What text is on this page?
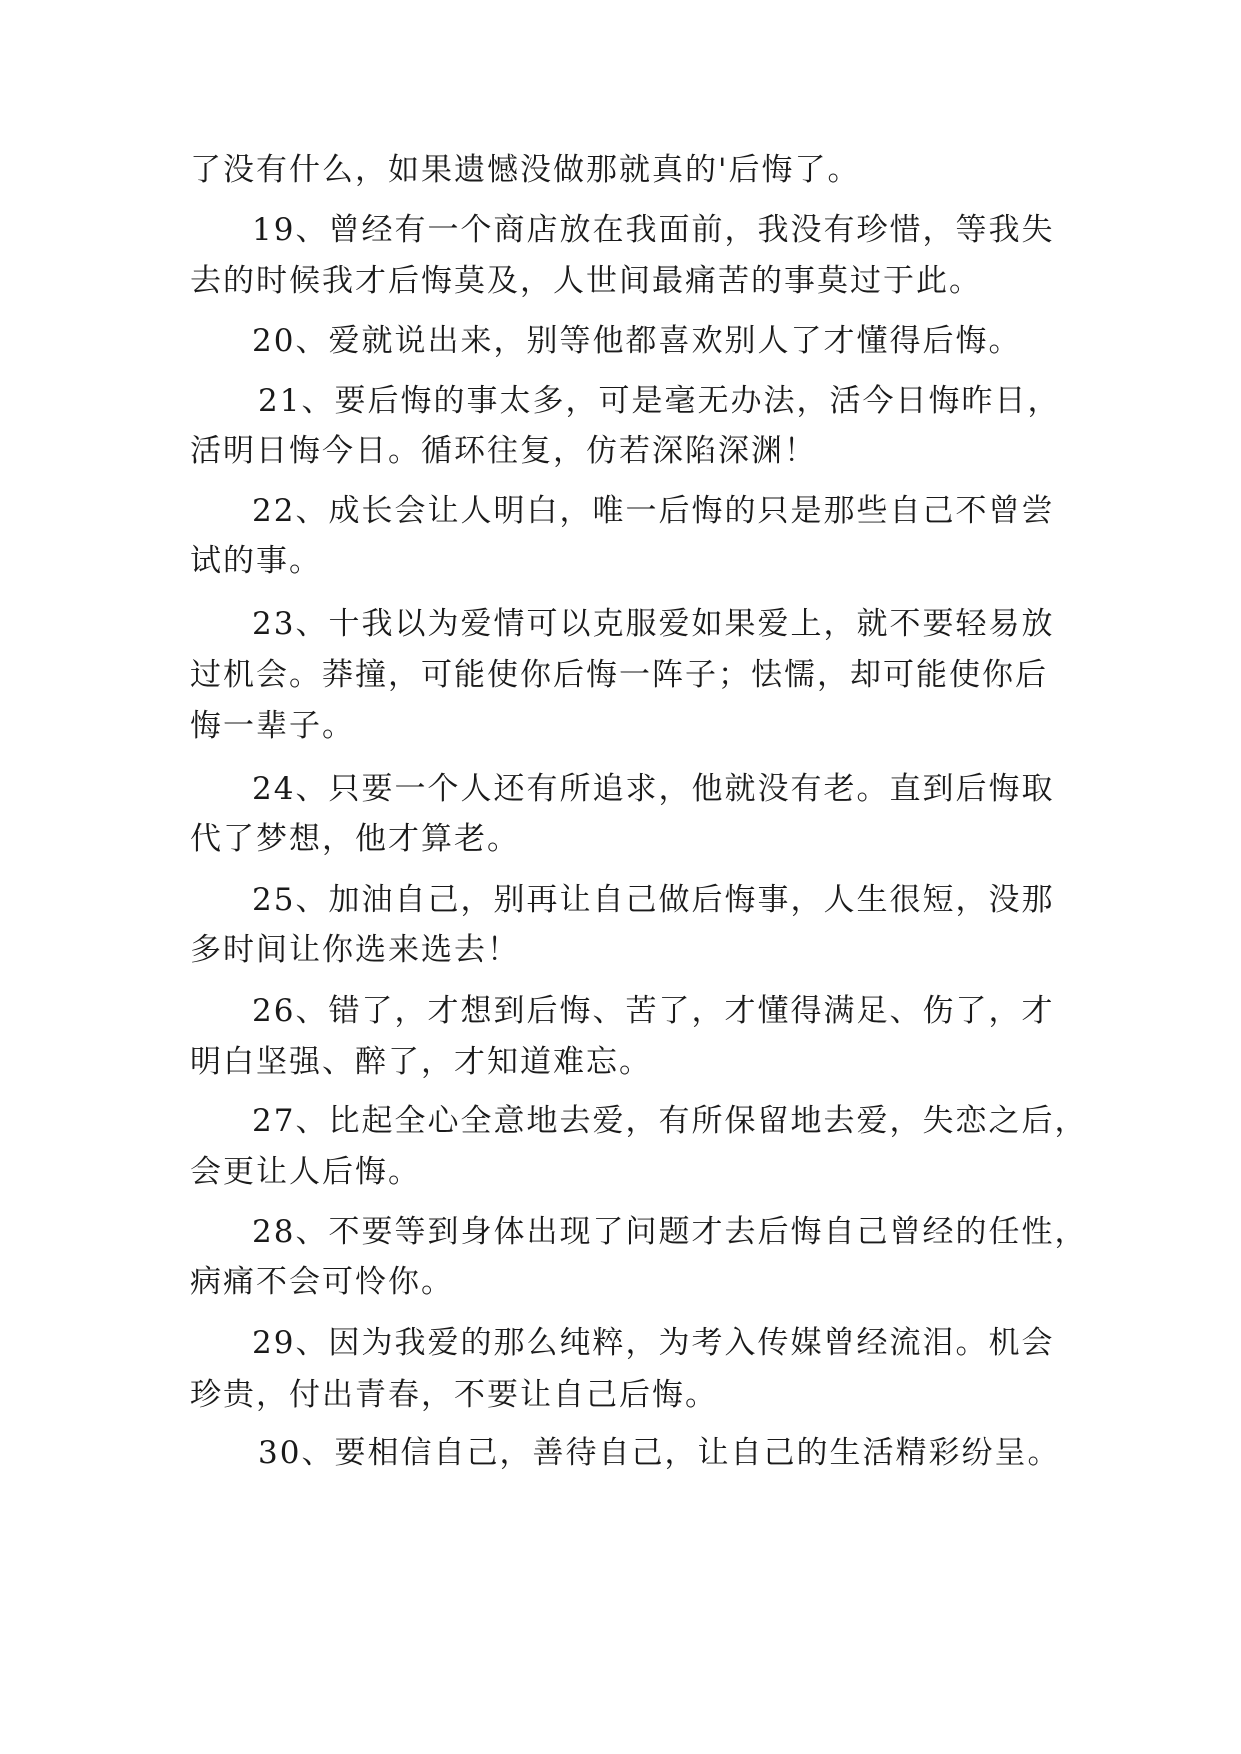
了没有什么，如果遗憾没做那就真的'后悔了。
19、曾经有一个商店放在我面前，我没有珍惜，等我失
去的时候我才后悔莫及，人世间最痛苦的事莫过于此。
20、爱就说出来，别等他都喜欢别人了才懂得后悔。
21、要后悔的事太多，可是毫无办法，活今日悔昨日，
活明日悔今日。循环往复，仿若深陷深渊！
22、成长会让人明白，唯一后悔的只是那些自己不曾尝
试的事。
23、十我以为爱情可以克服爱如果爱上，就不要轻易放
过机会。莽撞，可能使你后悔一阵子；怯懦，却可能使你后
悔一辈子。
24、只要一个人还有所追求，他就没有老。直到后悔取
代了梦想，他才算老。
25、加油自己，别再让自己做后悔事，人生很短，没那
多时间让你选来选去！
26、错了，才想到后悔、苦了，才懂得满足、伤了，才
明白坚强、醉了，才知道难忘。
27、比起全心全意地去爱，有所保留地去爱，失恋之后，
会更让人后悔。
28、不要等到身体出现了问题才去后悔自己曾经的任性，
病痛不会可怜你。
29、因为我爱的那么纯粹，为考入传媒曾经流泪。机会
珍贵，付出青春，不要让自己后悔。
30、要相信自己，善待自己，让自己的生活精彩纷呈。
